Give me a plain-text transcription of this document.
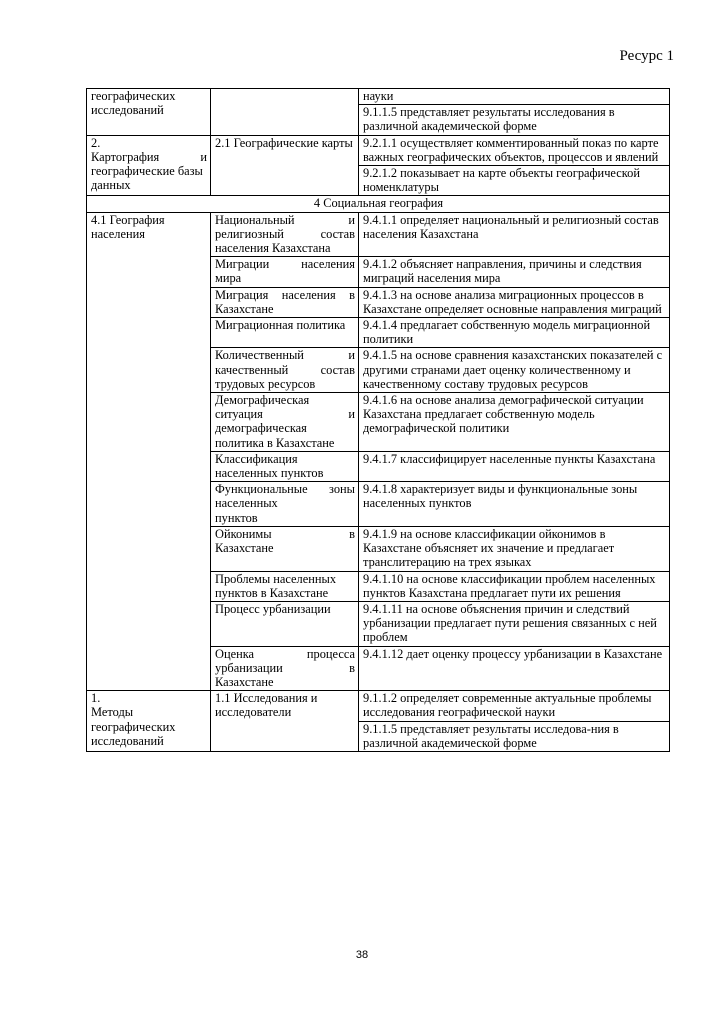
Ресурс 1
географических исследований		науки
		9.1.1.5 представляет результаты исследования в различной академической форме

2.
Картография и
географические базы данных	2.1 Географические карты	9.2.1.1 осуществляет комментированный показ по карте важных географических объектов, процессов и явлений
		9.2.1.2 показывает на карте объекты географической номенклатуры
4 Социальная география		
4.1 География населения	Национальный и религиозный состав
населения Казахстана	9.4.1.1 определяет национальный и религиозный состав населения Казахстана

	Миграции населения
мира	9.4.1.2 объясняет направления, причины и следствия миграций населения мира

	Миграция населения в
Казахстане	9.4.1.3 на основе анализа миграционных процессов в Казахстане определяет основные направления миграций

	Миграционная политика	9.4.1.4 предлагает собственную модель миграционной политики

	Количественный и качественный состав
трудовых ресурсов	9.4.1.5 на основе сравнения казахстанских показателей с другими странами дает оценку количественному и качественному составу трудовых ресурсов

	Демографическая ситуация и
демографическая политика в Казахстане	9.4.1.6 на основе анализа демографической ситуации Казахстана предлагает собственную модель демографической политики

	Классификация населенных пунктов	9.4.1.7 классифицирует населенные пункты Казахстана

	Функциональные зоны населенных
пунктов	9.4.1.8 характеризует виды и функциональные зоны населенных пунктов

	Ойконимы в
Казахстане	9.4.1.9 на основе классификации ойконимов в Казахстане объясняет их значение и предлагает транслитерацию на трех языках

	Проблемы населенных пунктов в Казахстане	9.4.1.10 на основе классификации проблем населенных пунктов Казахстана предлагает пути их решения

	Процесс урбанизации	9.4.1.11 на основе объяснения причин и следствий урбанизации предлагает пути решения связанных с ней проблем

	Оценка процесса урбанизации в
Казахстане	9.4.1.12 дает оценку процессу урбанизации в Казахстане

1.
Методы географических исследований	1.1 Исследования и исследователи	9.1.1.2 определяет современные актуальные проблемы исследования географической науки
		9.1.1.5 представляет результаты исследова-ния в различной академической форме
38
